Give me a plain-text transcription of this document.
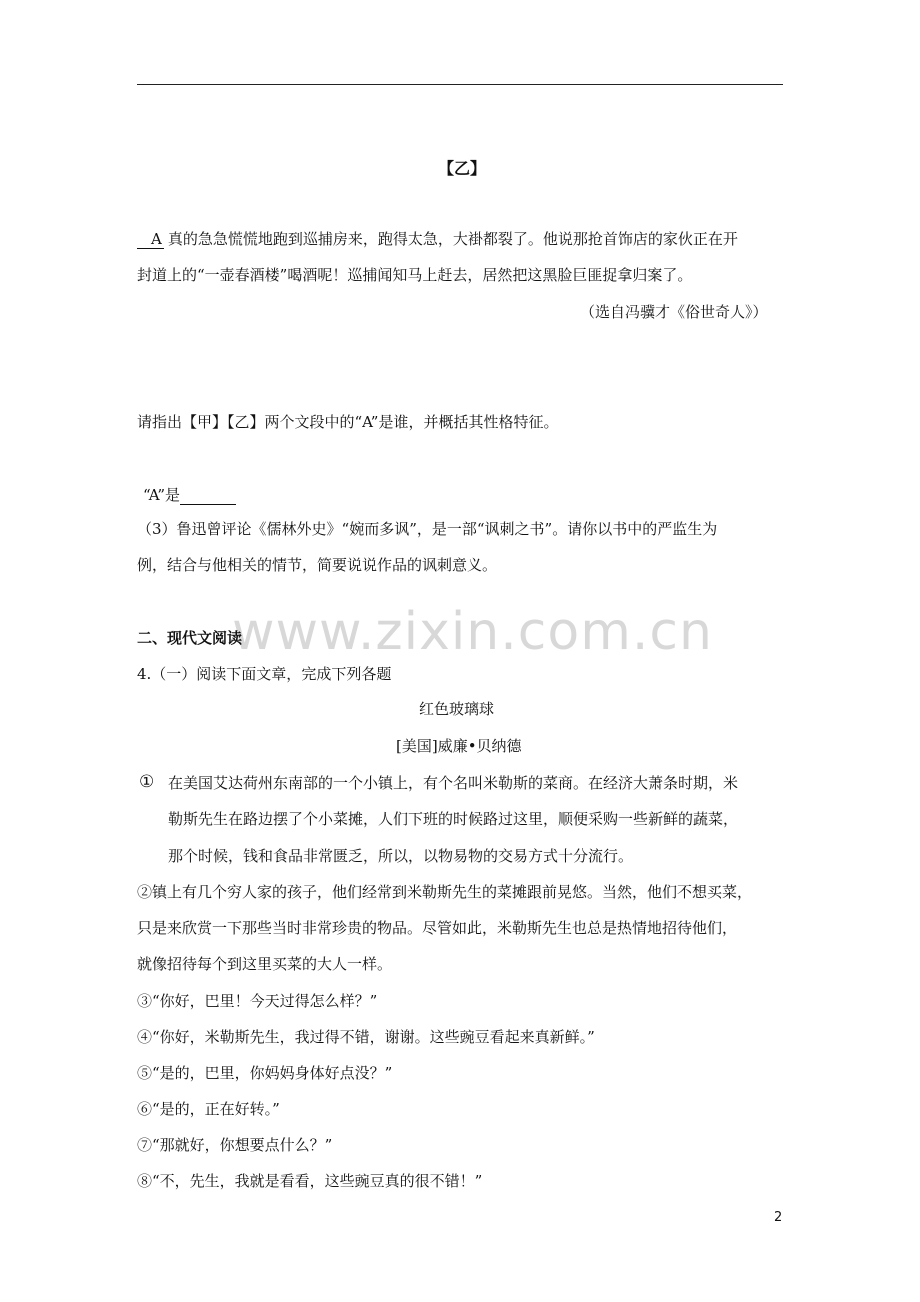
【乙】
A 真的急急慌慌地跑到巡捕房来，跑得太急，大褂都裂了。他说那抢首饰店的家伙正在开
封道上的“一壶春酒楼”喝酒呢！巡捕闻知马上赶去，居然把这黑脸巨匪捉拿归案了。
（选自冯骥才《俗世奇人》）
www.zixin.com.cn
请指出【甲】【乙】两个文段中的“A”是谁，并概括其性格特征。
“A”是
（3）鲁迅曾评论《儒林外史》“婉而多讽”，是一部“讽刺之书”。请你以书中的严监生为
例，结合与他相关的情节，简要说说作品的讽刺意义。
二、现代文阅读
4.（一）阅读下面文章，完成下列各题
红色玻璃球
[美国]威廉•贝纳德
① 在美国艾达荷州东南部的一个小镇上，有个名叫米勒斯的菜商。在经济大萧条时期，米
勒斯先生在路边摆了个小菜摊，人们下班的时候路过这里，顺便采购一些新鲜的蔬菜，
那个时候，钱和食品非常匮乏，所以，以物易物的交易方式十分流行。
②镇上有几个穷人家的孩子，他们经常到米勒斯先生的菜摊跟前晃悠。当然，他们不想买菜，
只是来欣赏一下那些当时非常珍贵的物品。尽管如此，米勒斯先生也总是热情地招待他们，
就像招待每个到这里买菜的大人一样。
③“你好，巴里！今天过得怎么样？”
④“你好，米勒斯先生，我过得不错，谢谢。这些豌豆看起来真新鲜。”
⑤“是的，巴里，你妈妈身体好点没？”
⑥“是的，正在好转。”
⑦“那就好，你想要点什么？”
⑧“不，先生，我就是看看，这些豌豆真的很不错！”
2
